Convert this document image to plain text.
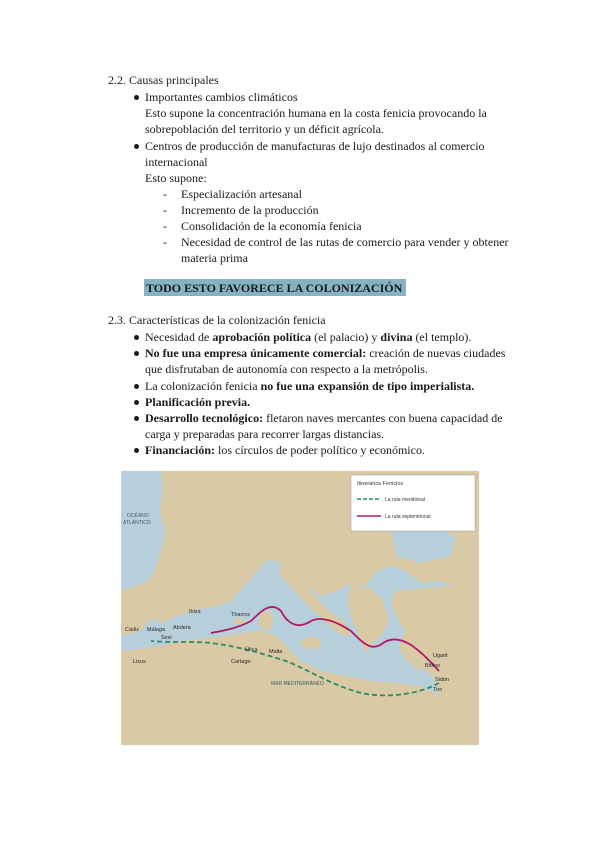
2.2. Causas principales
Importantes cambios climáticos
Esto supone la concentración humana en la costa fenicia provocando la
sobrepoblación del territorio y un déficit agrícola.
Centros de producción de manufacturas de lujo destinados al comercio
internacional
Esto supone:
- Especialización artesanal
- Incremento de la producción
- Consolidación de la economía fenicia
- Necesidad de control de las rutas de comercio para vender y obtener
materia prima
TODO ESTO FAVORECE LA COLONIZACIÓN
2.3. Características de la colonización fenicia
Necesidad de aprobación política (el palacio) y divina (el templo).
No fue una empresa únicamente comercial: creación de nuevas ciudades
que disfrutaban de autonomía con respecto a la metrópolis.
La colonización fenicia no fue una expansión de tipo imperialista.
Planificación previa.
Desarrollo tecnológico: fletaron naves mercantes con buena capacidad de
carga y preparadas para recorrer largas distancias.
Financiación: los círculos de poder político y económico.
Itinerarios Fenicios
La ruta meridional
La ruta septentrional
OCÉANO
ATLÁNTICO
MAR MEDITERRÁNEO
Cádiz Málaga
Sexi
Abdera
Ibiza	Tharros
Lixus
Útica
Cartago
Malta
Ugarit
Biblos
Sidón
Tiro
